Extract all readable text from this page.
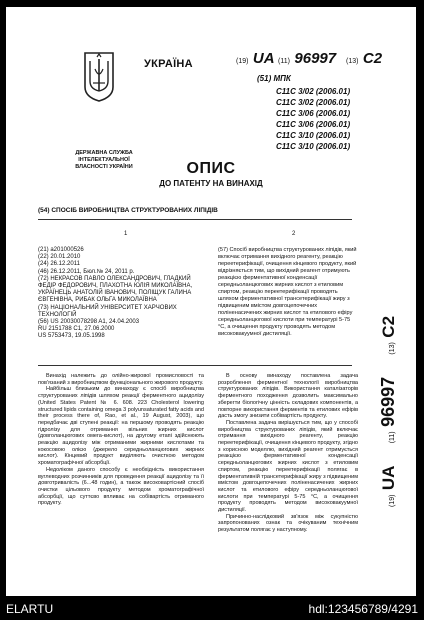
УКРАЇНА	(19) UA (11) 96997 (13) C2
(51) МПК
C11C 3/02 (2006.01)
C11C 3/02 (2006.01)
C11C 3/06 (2006.01)
C11C 3/06 (2006.01)
C11C 3/10 (2006.01)
C11C 3/10 (2006.01)
ДЕРЖАВНА СЛУЖБА ІНТЕЛЕКТУАЛЬНОЇ ВЛАСНОСТІ УКРАЇНИ	ОПИС
ДО ПАТЕНТУ НА ВИНАХІД
(54) СПОСІБ ВИРОБНИЦТВА СТРУКТУРОВАНИХ ЛІПІДІВ
1	2
(21) a201000526
(22) 20.01.2010
(24) 26.12.2011
(46) 26.12.2011, Бюл.№ 24, 2011 р.
(72) НЕКРАСОВ ПАВЛО ОЛЕКСАНДРОВИЧ, ГЛАДКИЙ ФЕДІР ФЕДОРОВИЧ, ПЛАХОТНА ЮЛІЯ МИКОЛАЇВНА, УКРАЇНЕЦЬ АНАТОЛІЙ ІВАНОВИЧ, ПОЛІЩУК ГАЛИНА ЄВГЕНІВНА, РИБАК ОЛЬГА МИКОЛАЇВНА
(73) НАЦІОНАЛЬНИЙ УНІВЕРСИТЕТ ХАРЧОВИХ ТЕХНОЛОГІЙ
(56) US 20030078298 A1, 24.04.2003
RU 2151788 C1, 27.06.2000
US 5753473, 19.05.1998
(57) Спосіб виробництва структурованих ліпідів, який включає отримання вихідного реагенту, реакцію переетерифікації, очищення кінцевого продукту, який відрізняється тим, що вихідний реагент отримують реакцією ферментативної конденсації середньоланцюгових жирних кислот з етиловим спиртом, реакцію переетерифікації проводять шляхом ферментативної трансетерифікації жиру з підвищеним вмістом довгоцепочечних поліненасичених жирних кислот та етилового ефіру середньоланцюгової кислоти при температурі 5-75 °С, а очищення продукту проводять методом високовакуумної дистиляції.

Винахід належить до олійно-жирової промисловості та пов'язаний з виробництвом функціонального жирового продукту.

Найбільш близьким до винаходу є спосіб виробництва структурованих ліпідів шляхом реакції ферментного ацидолізу (United States Patent № 6. 608. 223 Cholesterol lowering structured lipids containing omega 3 polyunsaturated fatty acids and their process there of, Rao, et al., 19 August, 2003), що передбачає дві ступені реакції: на першому проводять реакцію гідролізу для отримання вільних жирних кислот (довголанцюгових омега-кислот), на другому етапі здійснюють реакцію ацидолізу між отриманими жирними кислотами та кокосовою олією (джерело середньоланцюгових жирних кислот). Кінцевий продукт виділяють очисткою методом хроматографічної абсорбції.

Недоліком даного способу є необхідність використання вуглеводних розчинників для проведення реакції ацидолізу та її довготривалість (6...48 годин), а також високовартісний спосіб очистки цільового продукту методом хроматографічної абсорбції, що суттєво впливає на собівартість отриманого продукту.

В основу винаходу поставлена задача розроблення ферментної технології виробництва структурованих ліпідів. Використання каталізаторів ферментного походження дозволить максимально зберегти біологічну цінність складових компонентів, а повторне використання ферментів та етилових ефірів дасть змогу знизити собівартість продукту.

Поставлена задача вирішується тим, що у способі виробництва структурованих ліпідів, який включає отримання вихідного реагенту, реакцію переетерифікації, очищення кінцевого продукту, згідно з корисною моделлю, вихідний реагент отримується реакцією ферментативної конденсації середньоланцюгових жирних кислот з етиловим спиртом, реакцію переетерифікації полягає в ферментативній трансетерифікації жиру з підвищеним вмістом довгоцепочечних поліненасичених жирних кислот та етилового ефіру середньоланцюгової кислоти при температурі 5-75 °С, а очищення продукту проводять методом високовакуумної дистиляції.

Причинно-наслідковий зв'язок між сукупністю запропонованих ознак та очікуваним технічним результатом полягає у наступному.

(19) UA     (11) 96997     (13) C2
ELARTU	hdl:123456789/4291
